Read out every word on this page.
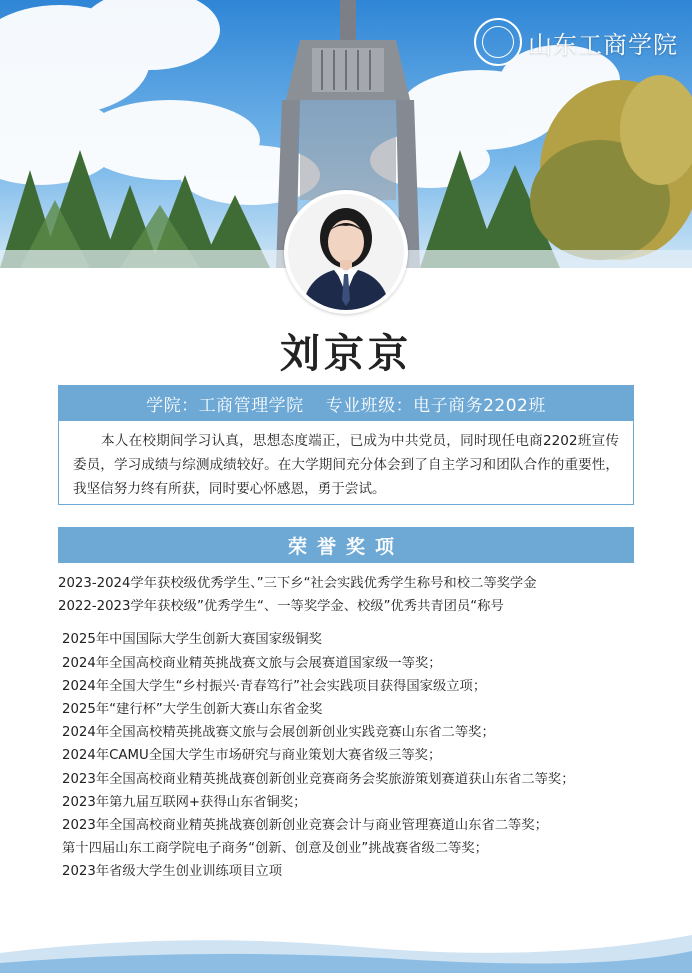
山东工商学院
刘京京
学院：工商管理学院 专业班级：电子商务2202班
本人在校期间学习认真，思想态度端正，已成为中共党员，同时现任电商2202班宣传委员，学习成绩与综测成绩较好。在大学期间充分体会到了自主学习和团队合作的重要性，我坚信努力终有所获，同时要心怀感恩，勇于尝试。
荣誉奖项
2023-2024学年获校级优秀学生、”三下乡“社会实践优秀学生称号和校二等奖学金
2022-2023学年获校级”优秀学生“、一等奖学金、校级”优秀共青团员“称号
2025年中国国际大学生创新大赛国家级铜奖
2024年全国高校商业精英挑战赛文旅与会展赛道国家级一等奖；
2024年全国大学生“乡村振兴·青春笃行”社会实践项目获得国家级立项；
2025年“建行杯”大学生创新大赛山东省金奖
2024年全国高校精英挑战赛文旅与会展创新创业实践竞赛山东省二等奖；
2024年CAMU全国大学生市场研究与商业策划大赛省级三等奖；
2023年全国高校商业精英挑战赛创新创业竞赛商务会奖旅游策划赛道获山东省二等奖；
2023年第九届互联网+获得山东省铜奖；
2023年全国高校商业精英挑战赛创新创业竞赛会计与商业管理赛道山东省二等奖；
第十四届山东工商学院电子商务“创新、创意及创业”挑战赛省级二等奖；
2023年省级大学生创业训练项目立项
